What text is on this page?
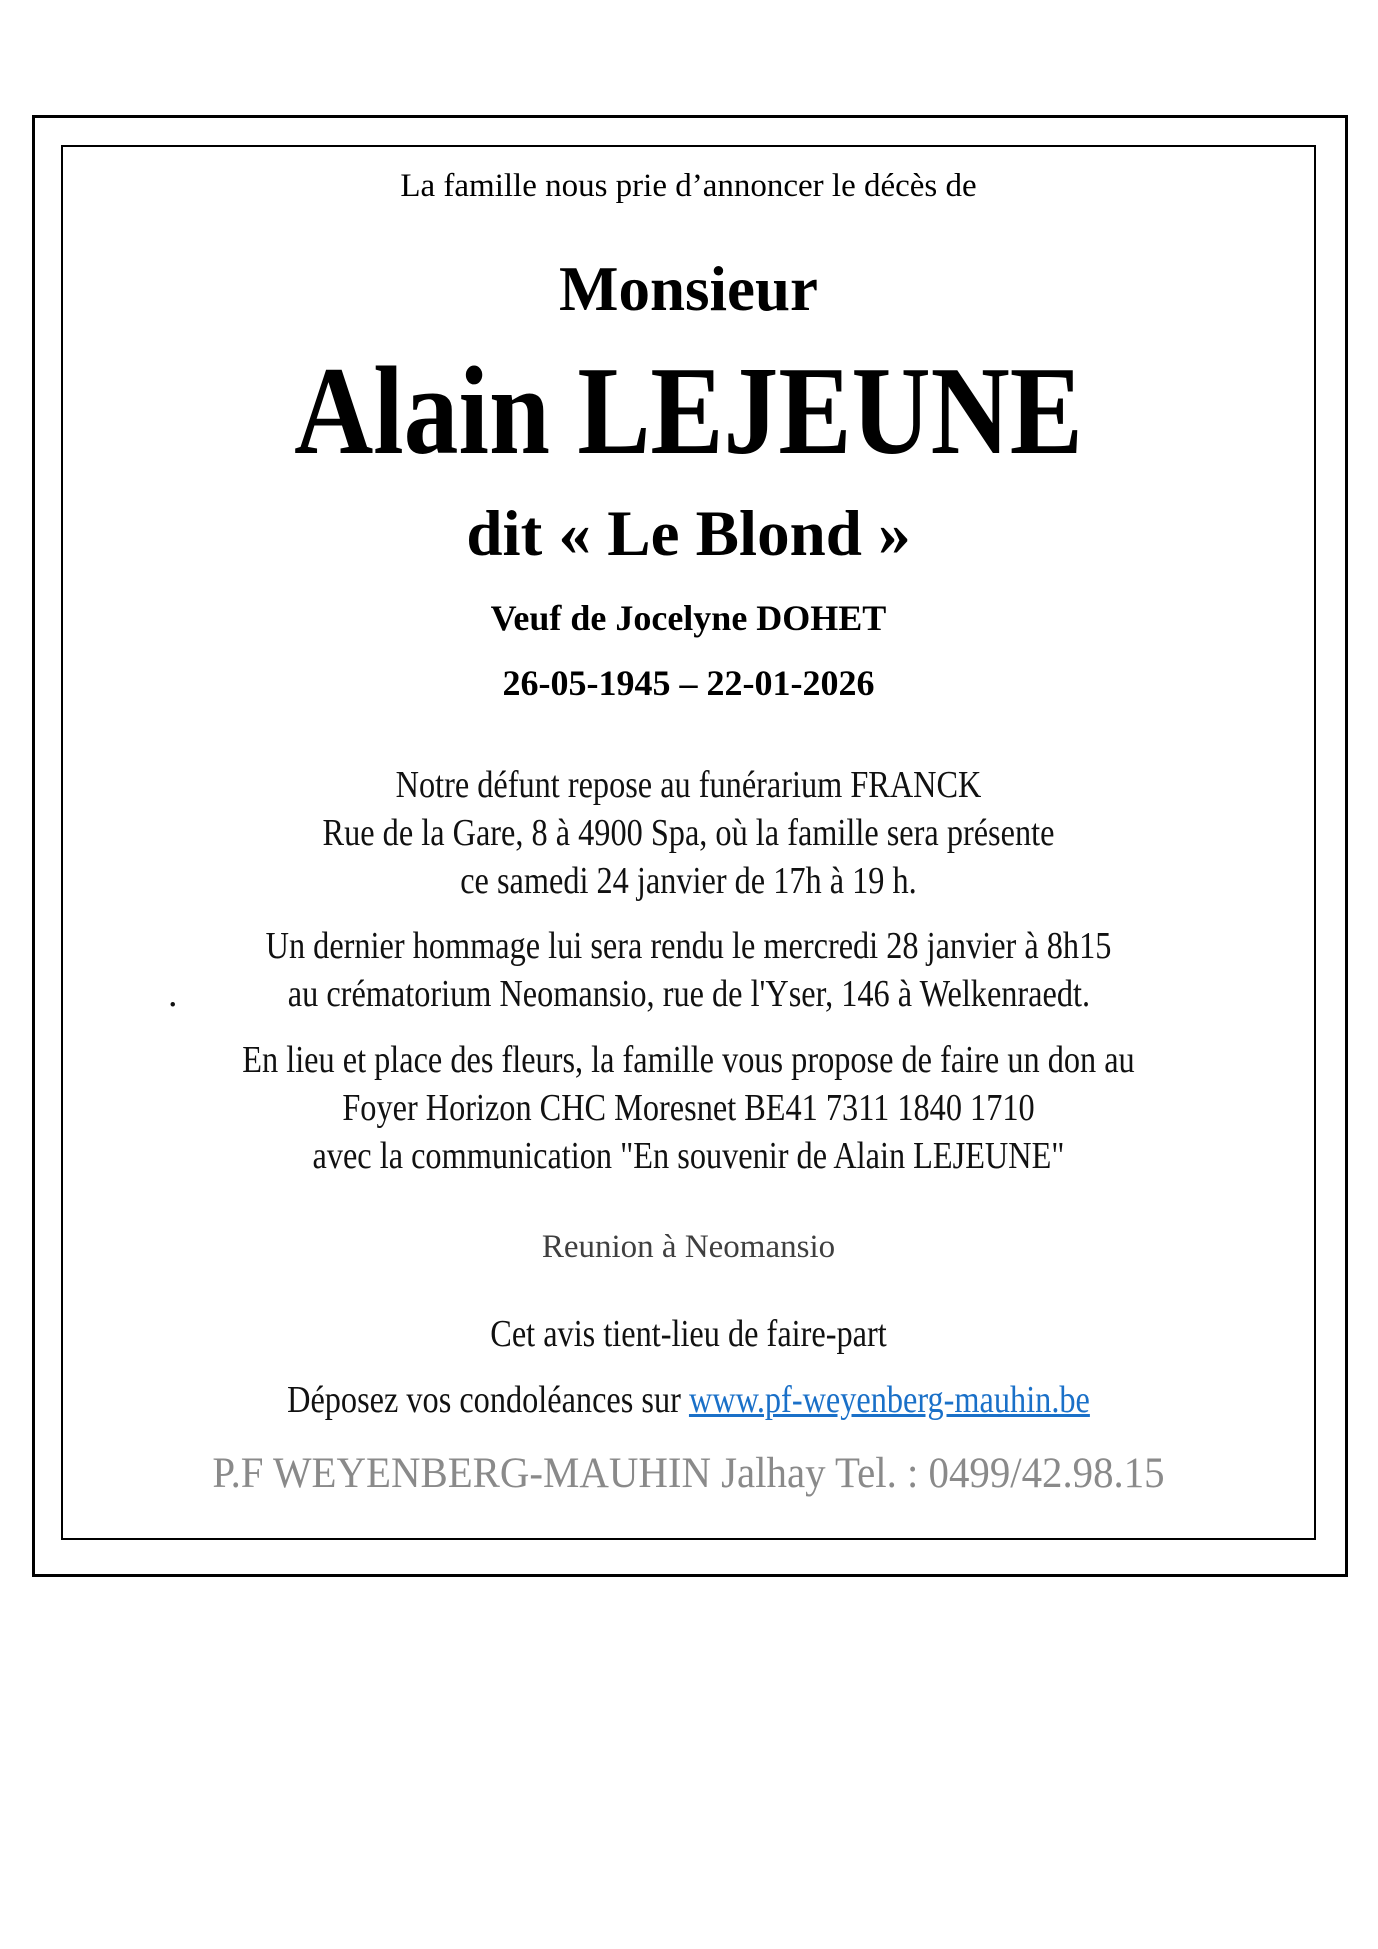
La famille nous prie d’annoncer le décès de
Monsieur
Alain LEJEUNE
dit « Le Blond »
Veuf de Jocelyne DOHET
26-05-1945 – 22-01-2026
Notre défunt repose au funérarium FRANCK
Rue de la Gare, 8 à 4900 Spa, où la famille sera présente
ce samedi 24 janvier de 17h à 19 h.
Un dernier hommage lui sera rendu le mercredi 28 janvier à 8h15
.	au crématorium Neomansio, rue de l'Yser, 146 à Welkenraedt.
En lieu et place des fleurs, la famille vous propose de faire un don au
Foyer Horizon CHC Moresnet BE41 7311 1840 1710
avec la communication "En souvenir de Alain LEJEUNE"
Reunion à Neomansio
Cet avis tient-lieu de faire-part
Déposez vos condoléances sur www.pf-weyenberg-mauhin.be
P.F WEYENBERG-MAUHIN Jalhay Tel. : 0499/42.98.15
